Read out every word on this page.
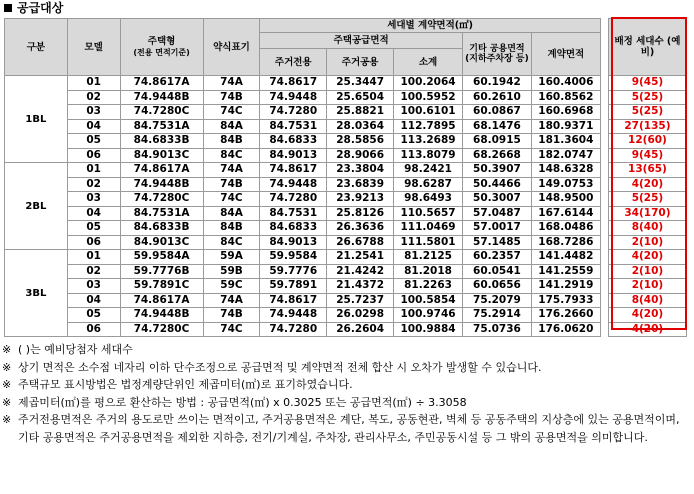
공급대상
구분	모델	주택형
(전용 면적기준)	약식표기	세대별 계약면적(㎡)						배정 세대수 (예비)
				주택공급면적			기타 공용면적 (지하주차장 등)	계약면적		
				주거전용	주거공용	소계				
1BL	01	74.8617A	74A	74.8617	25.3447	100.2064	60.1942	160.4006		9(45)
	02	74.9448B	74B	74.9448	25.6504	100.5952	60.2610	160.8562		5(25)
	03	74.7280C	74C	74.7280	25.8821	100.6101	60.0867	160.6968		5(25)
	04	84.7531A	84A	84.7531	28.0364	112.7895	68.1476	180.9371		27(135)
	05	84.6833B	84B	84.6833	28.5856	113.2689	68.0915	181.3604		12(60)
	06	84.9013C	84C	84.9013	28.9066	113.8079	68.2668	182.0747		9(45)
2BL	01	74.8617A	74A	74.8617	23.3804	98.2421	50.3907	148.6328		13(65)
	02	74.9448B	74B	74.9448	23.6839	98.6287	50.4466	149.0753		4(20)
	03	74.7280C	74C	74.7280	23.9213	98.6493	50.3007	148.9500		5(25)
	04	84.7531A	84A	84.7531	25.8126	110.5657	57.0487	167.6144		34(170)
	05	84.6833B	84B	84.6833	26.3636	111.0469	57.0017	168.0486		8(40)
	06	84.9013C	84C	84.9013	26.6788	111.5801	57.1485	168.7286		2(10)
3BL	01	59.9584A	59A	59.9584	21.2541	81.2125	60.2357	141.4482		4(20)
	02	59.7776B	59B	59.7776	21.4242	81.2018	60.0541	141.2559		2(10)
	03	59.7891C	59C	59.7891	21.4372	81.2263	60.0656	141.2919		2(10)
	04	74.8617A	74A	74.8617	25.7237	100.5854	75.2079	175.7933		8(40)
	05	74.9448B	74B	74.9448	26.0298	100.9746	75.2914	176.2660		4(20)
	06	74.7280C	74C	74.7280	26.2604	100.9884	75.0736	176.0620		4(20)
※ ( )는 예비당첨자 세대수
※ 상기 면적은 소수점 네자리 이하 단수조정으로 공급면적 및 계약면적 전체 합산 시 오차가 발생할 수 있습니다.
※ 주택규모 표시방법은 법정계량단위인 제곱미터(㎡)로 표기하였습니다.
※ 제곱미터(㎡)를 평으로 환산하는 방법 : 공급면적(㎡) x 0.3025 또는 공급면적(㎡) ÷ 3.3058
※ 주거전용면적은 주거의 용도로만 쓰이는 면적이고, 주거공용면적은 계단, 복도, 공동현관, 벽체 등 공동주택의 지상층에 있는 공용면적이며, 기타 공용면적은 주거공용면적을 제외한 지하층, 전기/기계실, 주차장, 관리사무소, 주민공동시설 등 그 밖의 공용면적을 의미합니다.
